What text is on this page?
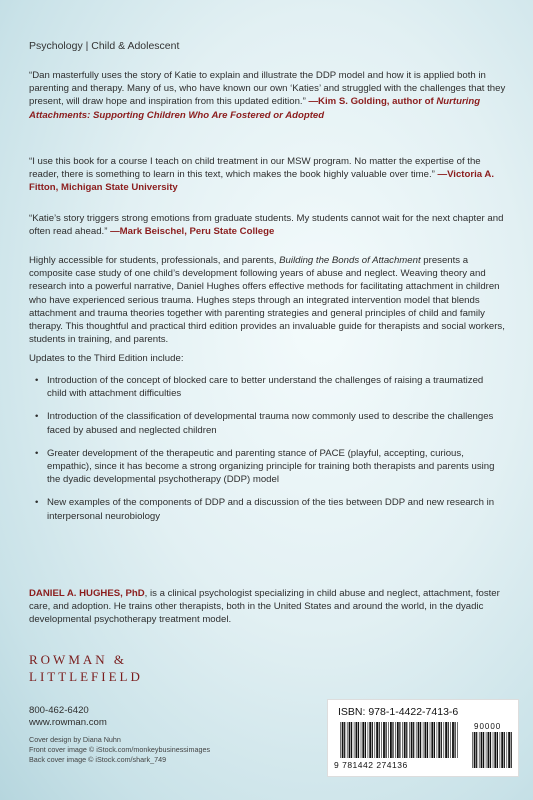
Psychology | Child & Adolescent
“Dan masterfully uses the story of Katie to explain and illustrate the DDP model and how it is applied both in parenting and therapy. Many of us, who have known our own ‘Katies’ and struggled with the challenges that they present, will draw hope and inspiration from this updated edition.” —Kim S. Golding, author of Nurturing Attachments: Supporting Children Who Are Fostered or Adopted
“I use this book for a course I teach on child treatment in our MSW program. No matter the expertise of the reader, there is something to learn in this text, which makes the book highly valuable over time.” —Victoria A. Fitton, Michigan State University
“Katie’s story triggers strong emotions from graduate students. My students cannot wait for the next chapter and often read ahead.” —Mark Beischel, Peru State College
Highly accessible for students, professionals, and parents, Building the Bonds of Attachment presents a composite case study of one child’s development following years of abuse and neglect. Weaving theory and research into a powerful narrative, Daniel Hughes offers effective methods for facilitating attachment in children who have experienced serious trauma. Hughes steps through an integrated intervention model that blends attachment and trauma theories together with parenting strategies and general principles of child and family therapy. This thoughtful and practical third edition provides an invaluable guide for therapists and social workers, students in training, and parents.
Updates to the Third Edition include:
• Introduction of the concept of blocked care to better understand the challenges of raising a traumatized child with attachment difficulties
• Introduction of the classification of developmental trauma now commonly used to describe the challenges faced by abused and neglected children
• Greater development of the therapeutic and parenting stance of PACE (playful, accepting, curious, empathic), since it has become a strong organizing principle for training both therapists and parents using the dyadic developmental psychotherapy (DDP) model
• New examples of the components of DDP and a discussion of the ties between DDP and new research in interpersonal neurobiology
DANIEL A. HUGHES, PhD, is a clinical psychologist specializing in child abuse and neglect, attachment, foster care, and adoption. He trains other therapists, both in the United States and around the world, in the dyadic developmental psychotherapy treatment model.
ROWMAN &
LITTLEFIELD
800-462-6420
www.rowman.com
Cover design by Diana Nuhn
Front cover image © iStock.com/monkeybusinessimages
Back cover image © iStock.com/shark_749
ISBN: 978-1-4422-7413-6
9 781442 274136
90000
